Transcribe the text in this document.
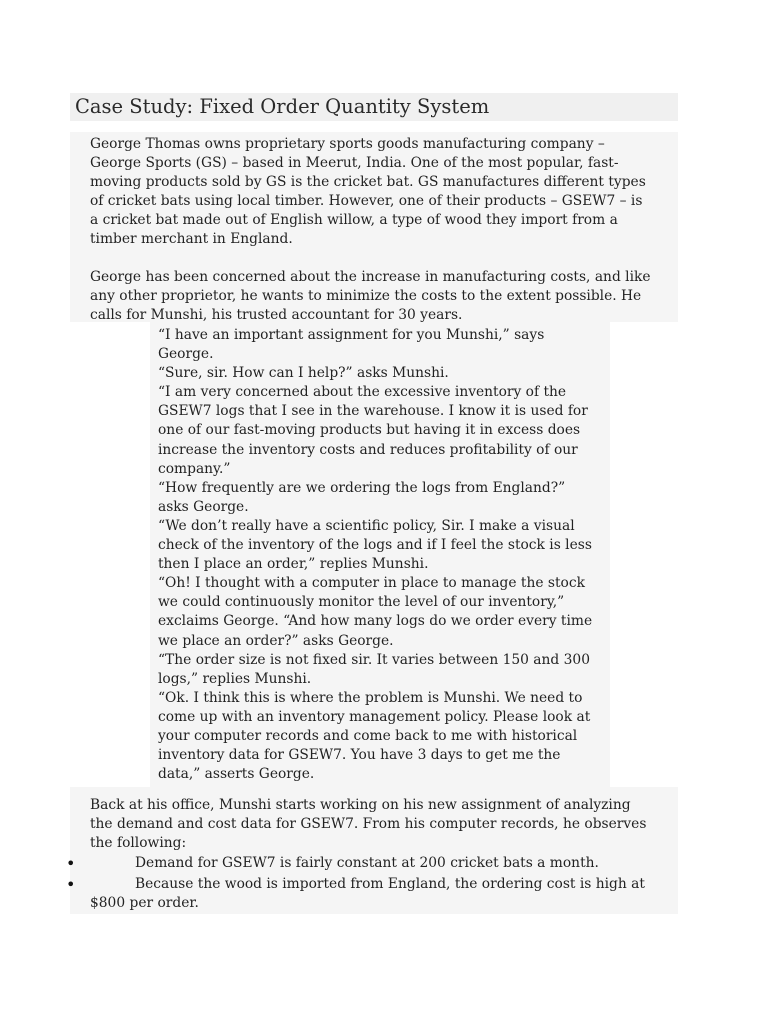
Case Study: Fixed Order Quantity System
George Thomas owns proprietary sports goods manufacturing company –
George Sports (GS) – based in Meerut, India. One of the most popular, fast-
moving products sold by GS is the cricket bat. GS manufactures different types
of cricket bats using local timber. However, one of their products – GSEW7 – is
a cricket bat made out of English willow, a type of wood they import from a
timber merchant in England.
George has been concerned about the increase in manufacturing costs, and like
any other proprietor, he wants to minimize the costs to the extent possible. He
calls for Munshi, his trusted accountant for 30 years.
“I have an important assignment for you Munshi,” says
George.
“Sure, sir. How can I help?” asks Munshi.
“I am very concerned about the excessive inventory of the
GSEW7 logs that I see in the warehouse. I know it is used for
one of our fast-moving products but having it in excess does
increase the inventory costs and reduces profitability of our
company.”
“How frequently are we ordering the logs from England?”
asks George.
“We don’t really have a scientific policy, Sir. I make a visual
check of the inventory of the logs and if I feel the stock is less
then I place an order,” replies Munshi.
“Oh! I thought with a computer in place to manage the stock
we could continuously monitor the level of our inventory,”
exclaims George. “And how many logs do we order every time
we place an order?” asks George.
“The order size is not fixed sir. It varies between 150 and 300
logs,” replies Munshi.
“Ok. I think this is where the problem is Munshi. We need to
come up with an inventory management policy. Please look at
your computer records and come back to me with historical
inventory data for GSEW7. You have 3 days to get me the
data,” asserts George.
Back at his office, Munshi starts working on his new assignment of analyzing
the demand and cost data for GSEW7. From his computer records, he observes
the following:
•	Demand for GSEW7 is fairly constant at 200 cricket bats a month.
•	Because the wood is imported from England, the ordering cost is high at
$800 per order.
